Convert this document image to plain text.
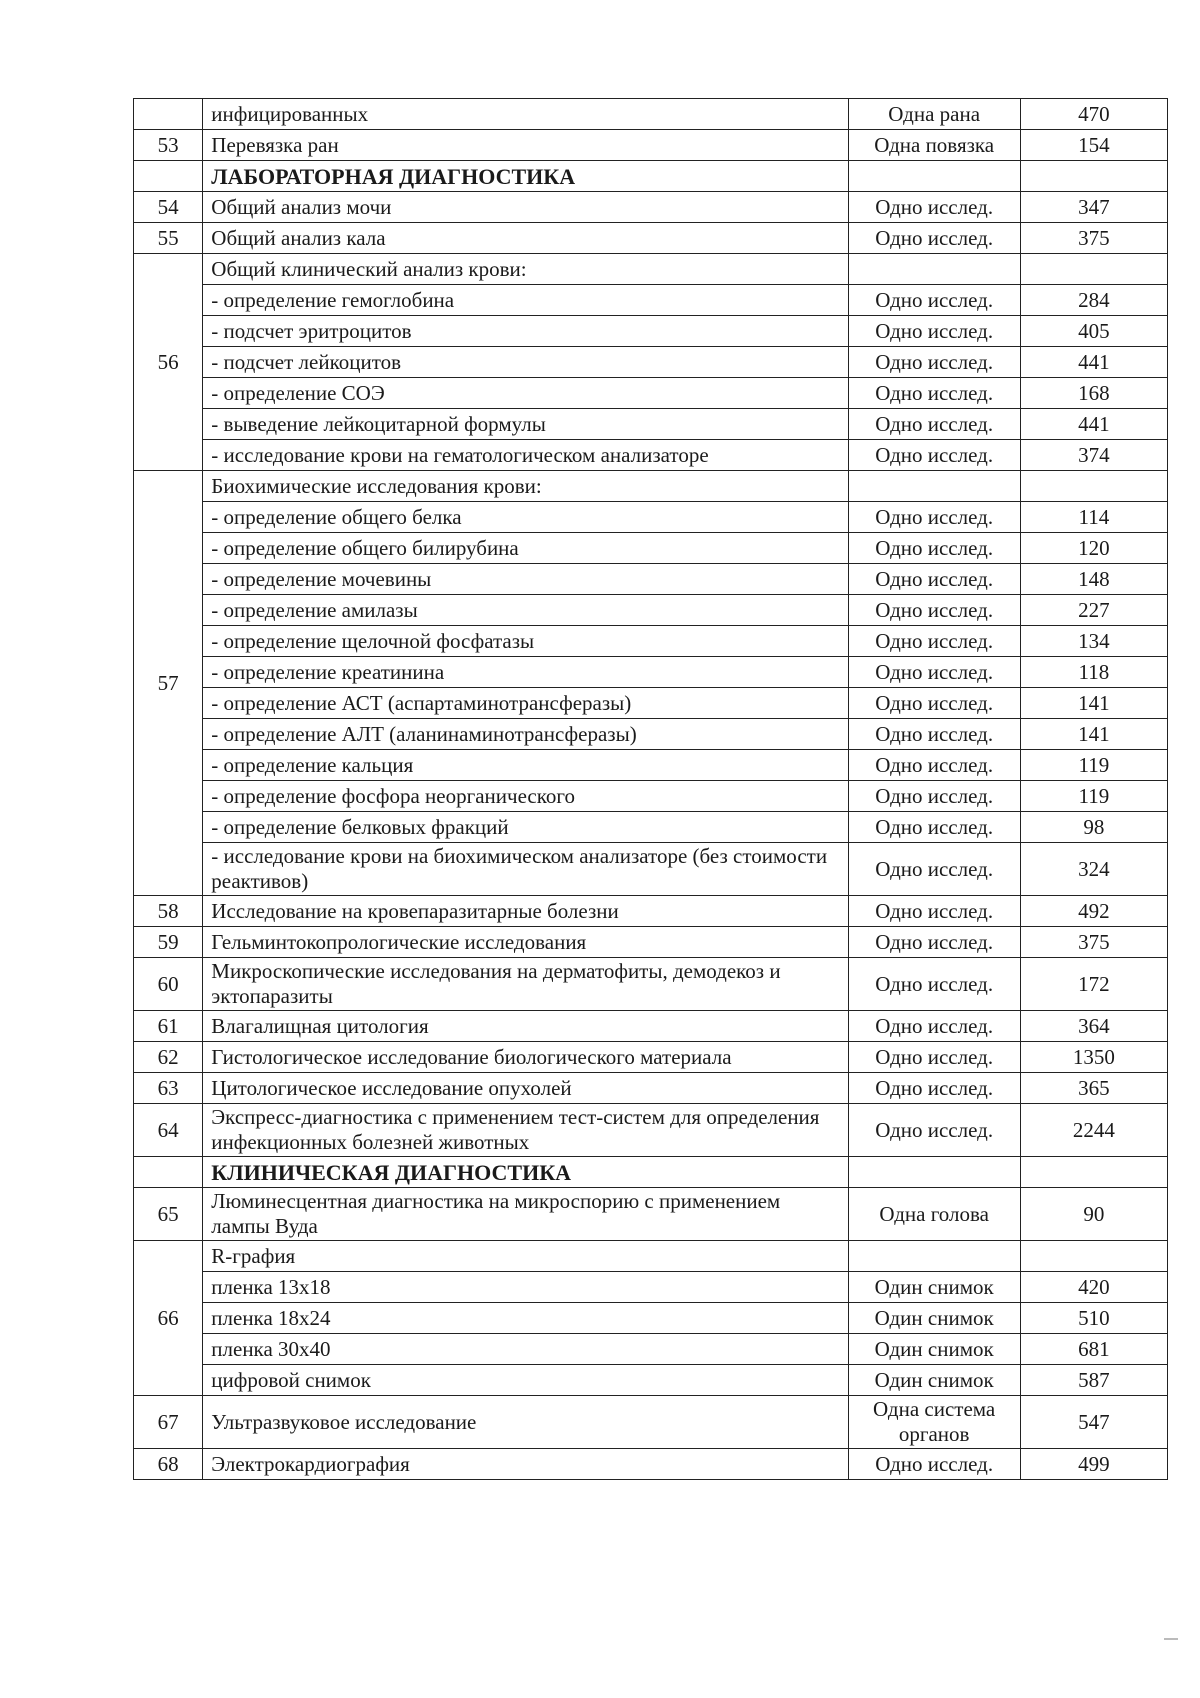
	инфицированных	Одна рана	470
53	Перевязка ран	Одна повязка	154
	ЛАБОРАТОРНАЯ ДИАГНОСТИКА		
54	Общий анализ мочи	Одно исслед.	347
55	Общий анализ кала	Одно исслед.	375
56	Общий клинический анализ крови:		
	- определение гемоглобина	Одно исслед.	284
	- подсчет эритроцитов	Одно исслед.	405
	- подсчет лейкоцитов	Одно исслед.	441
	- определение СОЭ	Одно исслед.	168
	- выведение лейкоцитарной формулы	Одно исслед.	441
	- исследование крови на гематологическом анализаторе	Одно исслед.	374
57	Биохимические исследования крови:		
	- определение общего белка	Одно исслед.	114
	- определение общего билирубина	Одно исслед.	120
	- определение мочевины	Одно исслед.	148
	- определение амилазы	Одно исслед.	227
	- определение щелочной фосфатазы	Одно исслед.	134
	- определение креатинина	Одно исслед.	118
	- определение АСТ (аспартаминотрансферазы)	Одно исслед.	141
	- определение АЛТ (аланинаминотрансферазы)	Одно исслед.	141
	- определение кальция	Одно исслед.	119
	- определение фосфора неорганического	Одно исслед.	119
	- определение белковых фракций	Одно исслед.	98
	- исследование крови на биохимическом анализаторе (без стоимости реактивов)	Одно исслед.	324
58	Исследование на кровепаразитарные болезни	Одно исслед.	492
59	Гельминтокопрологические исследования	Одно исслед.	375
60	Микроскопические исследования на дерматофиты, демодекоз и эктопаразиты	Одно исслед.	172
61	Влагалищная цитология	Одно исслед.	364
62	Гистологическое исследование биологического материала	Одно исслед.	1350
63	Цитологическое исследование опухолей	Одно исслед.	365
64	Экспресс-диагностика с применением тест-систем для определения инфекционных болезней животных	Одно исслед.	2244
	КЛИНИЧЕСКАЯ ДИАГНОСТИКА		
65	Люминесцентная диагностика на микроспорию с применением лампы Вуда	Одна голова	90
66	R-графия		
	пленка 13х18	Один снимок	420
	пленка 18х24	Один снимок	510
	пленка 30х40	Один снимок	681
	цифровой снимок	Один снимок	587
67	Ультразвуковое исследование	Одна система органов	547
68	Электрокардиография	Одно исслед.	499
